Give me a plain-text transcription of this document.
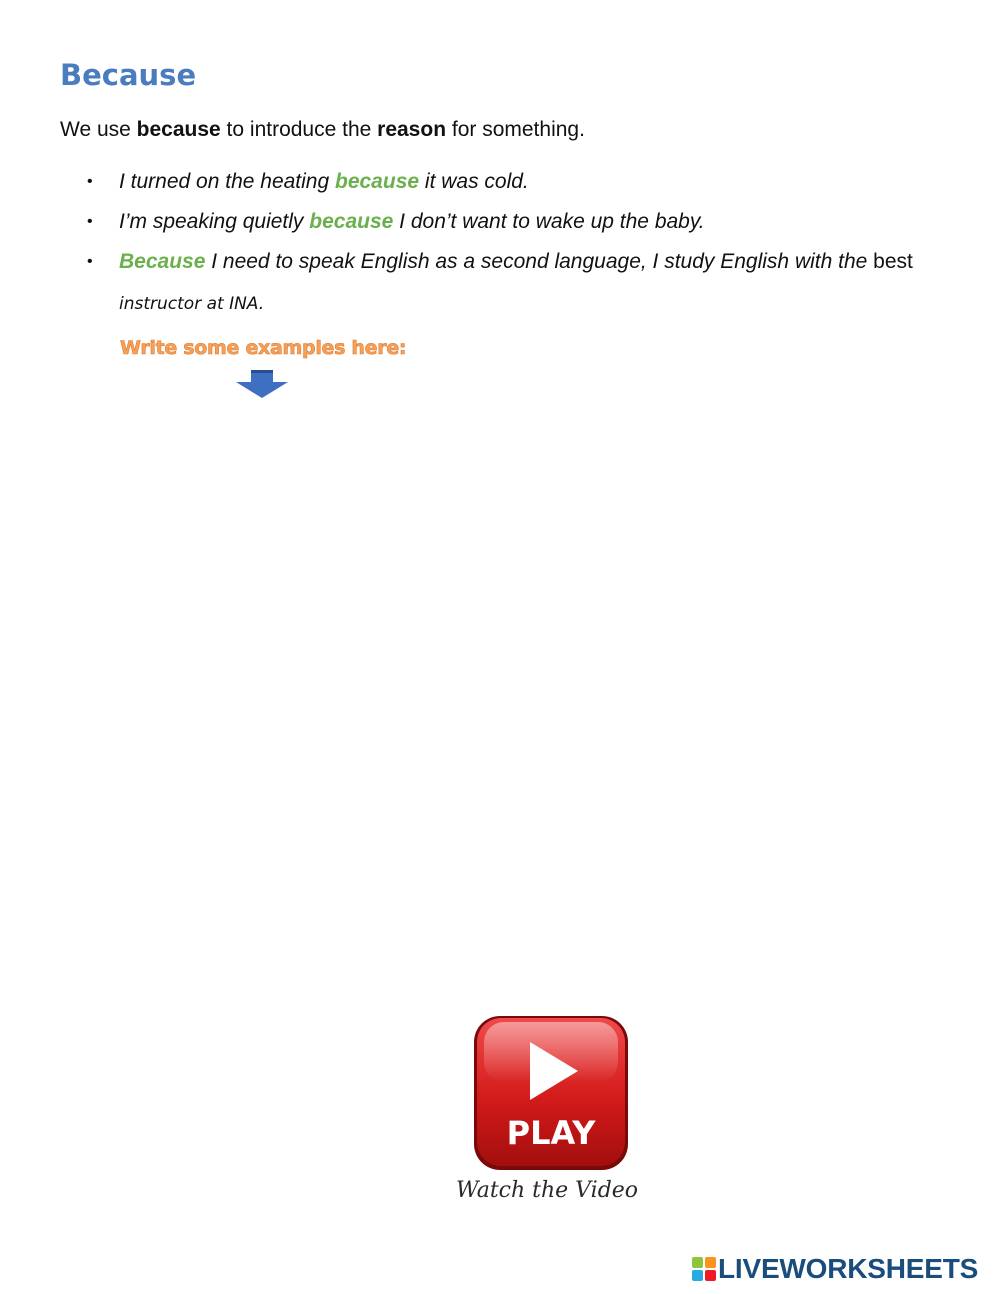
Because

We use because to introduce the reason for something.

• I turned on the heating because it was cold.
• I’m speaking quietly because I don’t want to wake up the baby.
• Because I need to speak English as a second language, I study English with the best instructor at INA.
Write some examples here:
PLAY
Watch the Video
LIVEWORKSHEETS
